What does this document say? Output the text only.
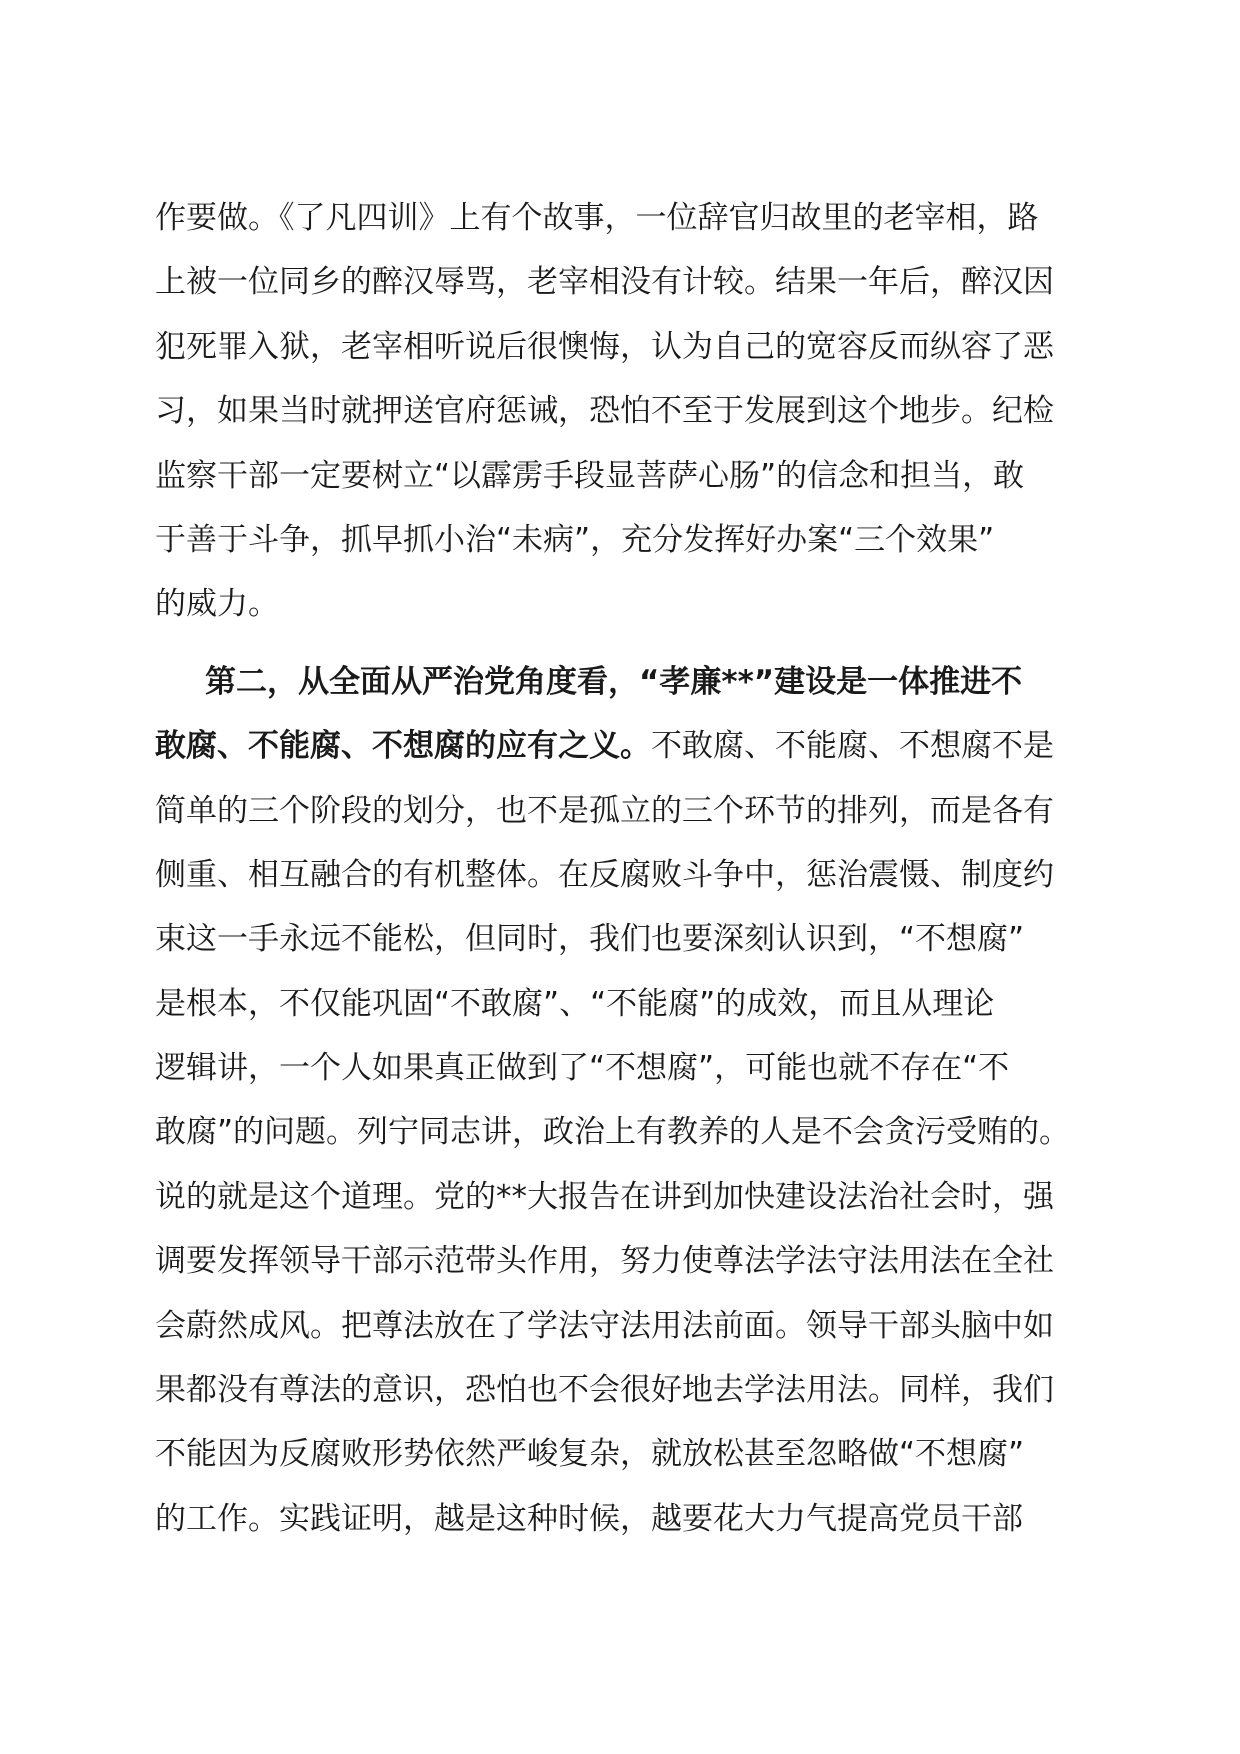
作要做。《了凡四训》上有个故事，一位辞官归故里的老宰相，路
上被一位同乡的醉汉辱骂，老宰相没有计较。结果一年后，醉汉因
犯死罪入狱，老宰相听说后很懊悔，认为自己的宽容反而纵容了恶
习，如果当时就押送官府惩诫，恐怕不至于发展到这个地步。纪检
监察干部一定要树立“以霹雳手段显菩萨心肠”的信念和担当，敢
于善于斗争，抓早抓小治“未病”，充分发挥好办案“三个效果”
的威力。
第二，从全面从严治党角度看，“孝廉**”建设是一体推进不
敢腐、不能腐、不想腐的应有之义。不敢腐、不能腐、不想腐不是
简单的三个阶段的划分，也不是孤立的三个环节的排列，而是各有
侧重、相互融合的有机整体。在反腐败斗争中，惩治震慑、制度约
束这一手永远不能松，但同时，我们也要深刻认识到，“不想腐”
是根本，不仅能巩固“不敢腐”、“不能腐”的成效，而且从理论
逻辑讲，一个人如果真正做到了“不想腐”，可能也就不存在“不
敢腐”的问题。列宁同志讲，政治上有教养的人是不会贪污受贿的。
说的就是这个道理。党的**大报告在讲到加快建设法治社会时，强
调要发挥领导干部示范带头作用，努力使尊法学法守法用法在全社
会蔚然成风。把尊法放在了学法守法用法前面。领导干部头脑中如
果都没有尊法的意识，恐怕也不会很好地去学法用法。同样，我们
不能因为反腐败形势依然严峻复杂，就放松甚至忽略做“不想腐”
的工作。实践证明，越是这种时候，越要花大力气提高党员干部
